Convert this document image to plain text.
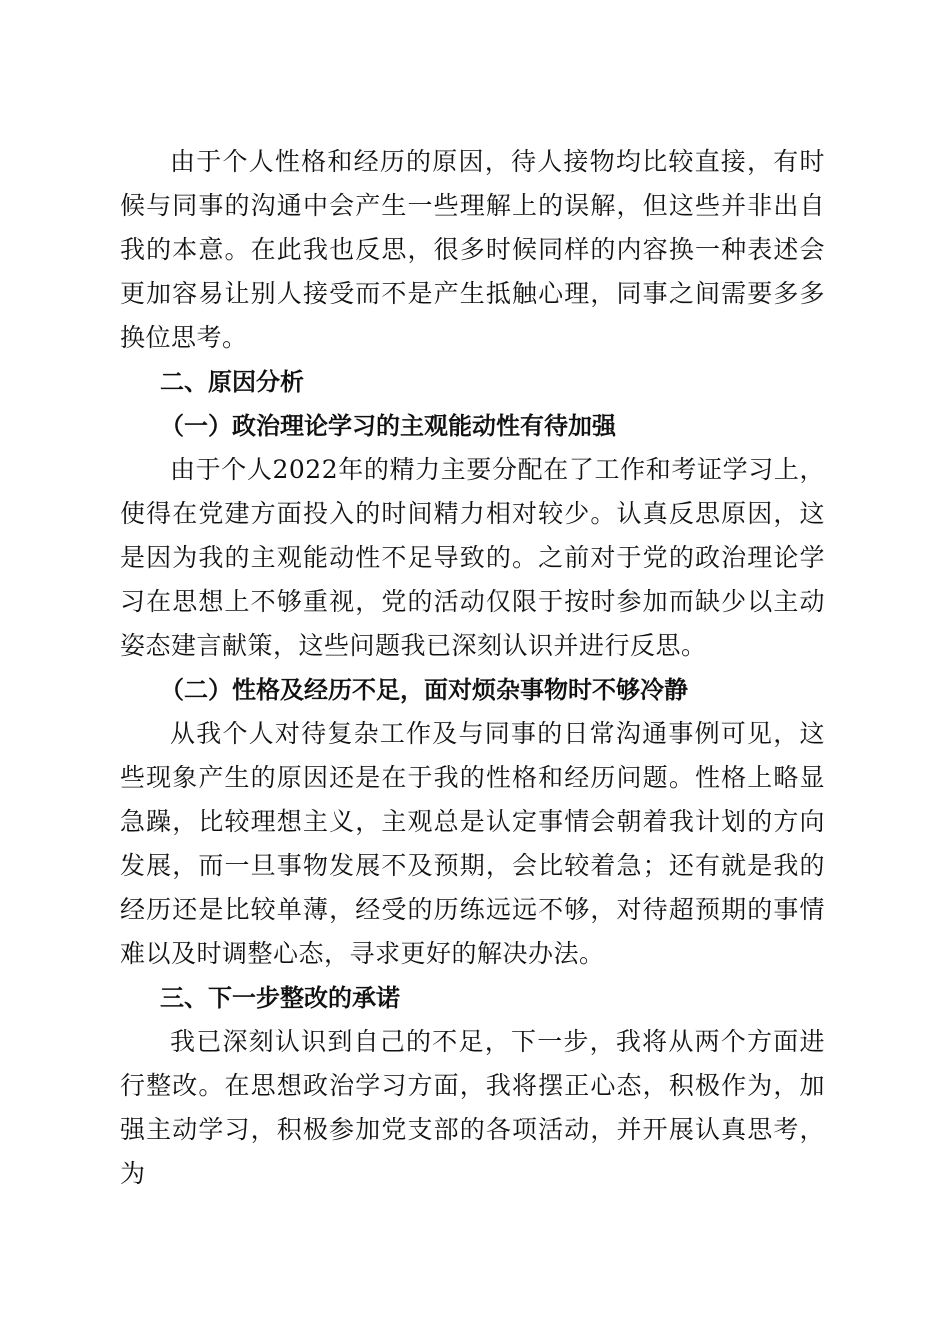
由于个人性格和经历的原因，待人接物均比较直接，有时候与同事的沟通中会产生一些理解上的误解，但这些并非出自我的本意。在此我也反思，很多时候同样的内容换一种表述会更加容易让别人接受而不是产生抵触心理，同事之间需要多多换位思考。

二、原因分析

（一）政治理论学习的主观能动性有待加强

由于个人2022年的精力主要分配在了工作和考证学习上，使得在党建方面投入的时间精力相对较少。认真反思原因，这是因为我的主观能动性不足导致的。之前对于党的政治理论学习在思想上不够重视，党的活动仅限于按时参加而缺少以主动姿态建言献策，这些问题我已深刻认识并进行反思。

（二）性格及经历不足，面对烦杂事物时不够冷静

从我个人对待复杂工作及与同事的日常沟通事例可见，这些现象产生的原因还是在于我的性格和经历问题。性格上略显急躁，比较理想主义，主观总是认定事情会朝着我计划的方向发展，而一旦事物发展不及预期，会比较着急；还有就是我的经历还是比较单薄，经受的历练远远不够，对待超预期的事情难以及时调整心态，寻求更好的解决办法。

三、下一步整改的承诺

我已深刻认识到自己的不足，下一步，我将从两个方面进行整改。在思想政治学习方面，我将摆正心态，积极作为，加强主动学习，积极参加党支部的各项活动，并开展认真思考，为
